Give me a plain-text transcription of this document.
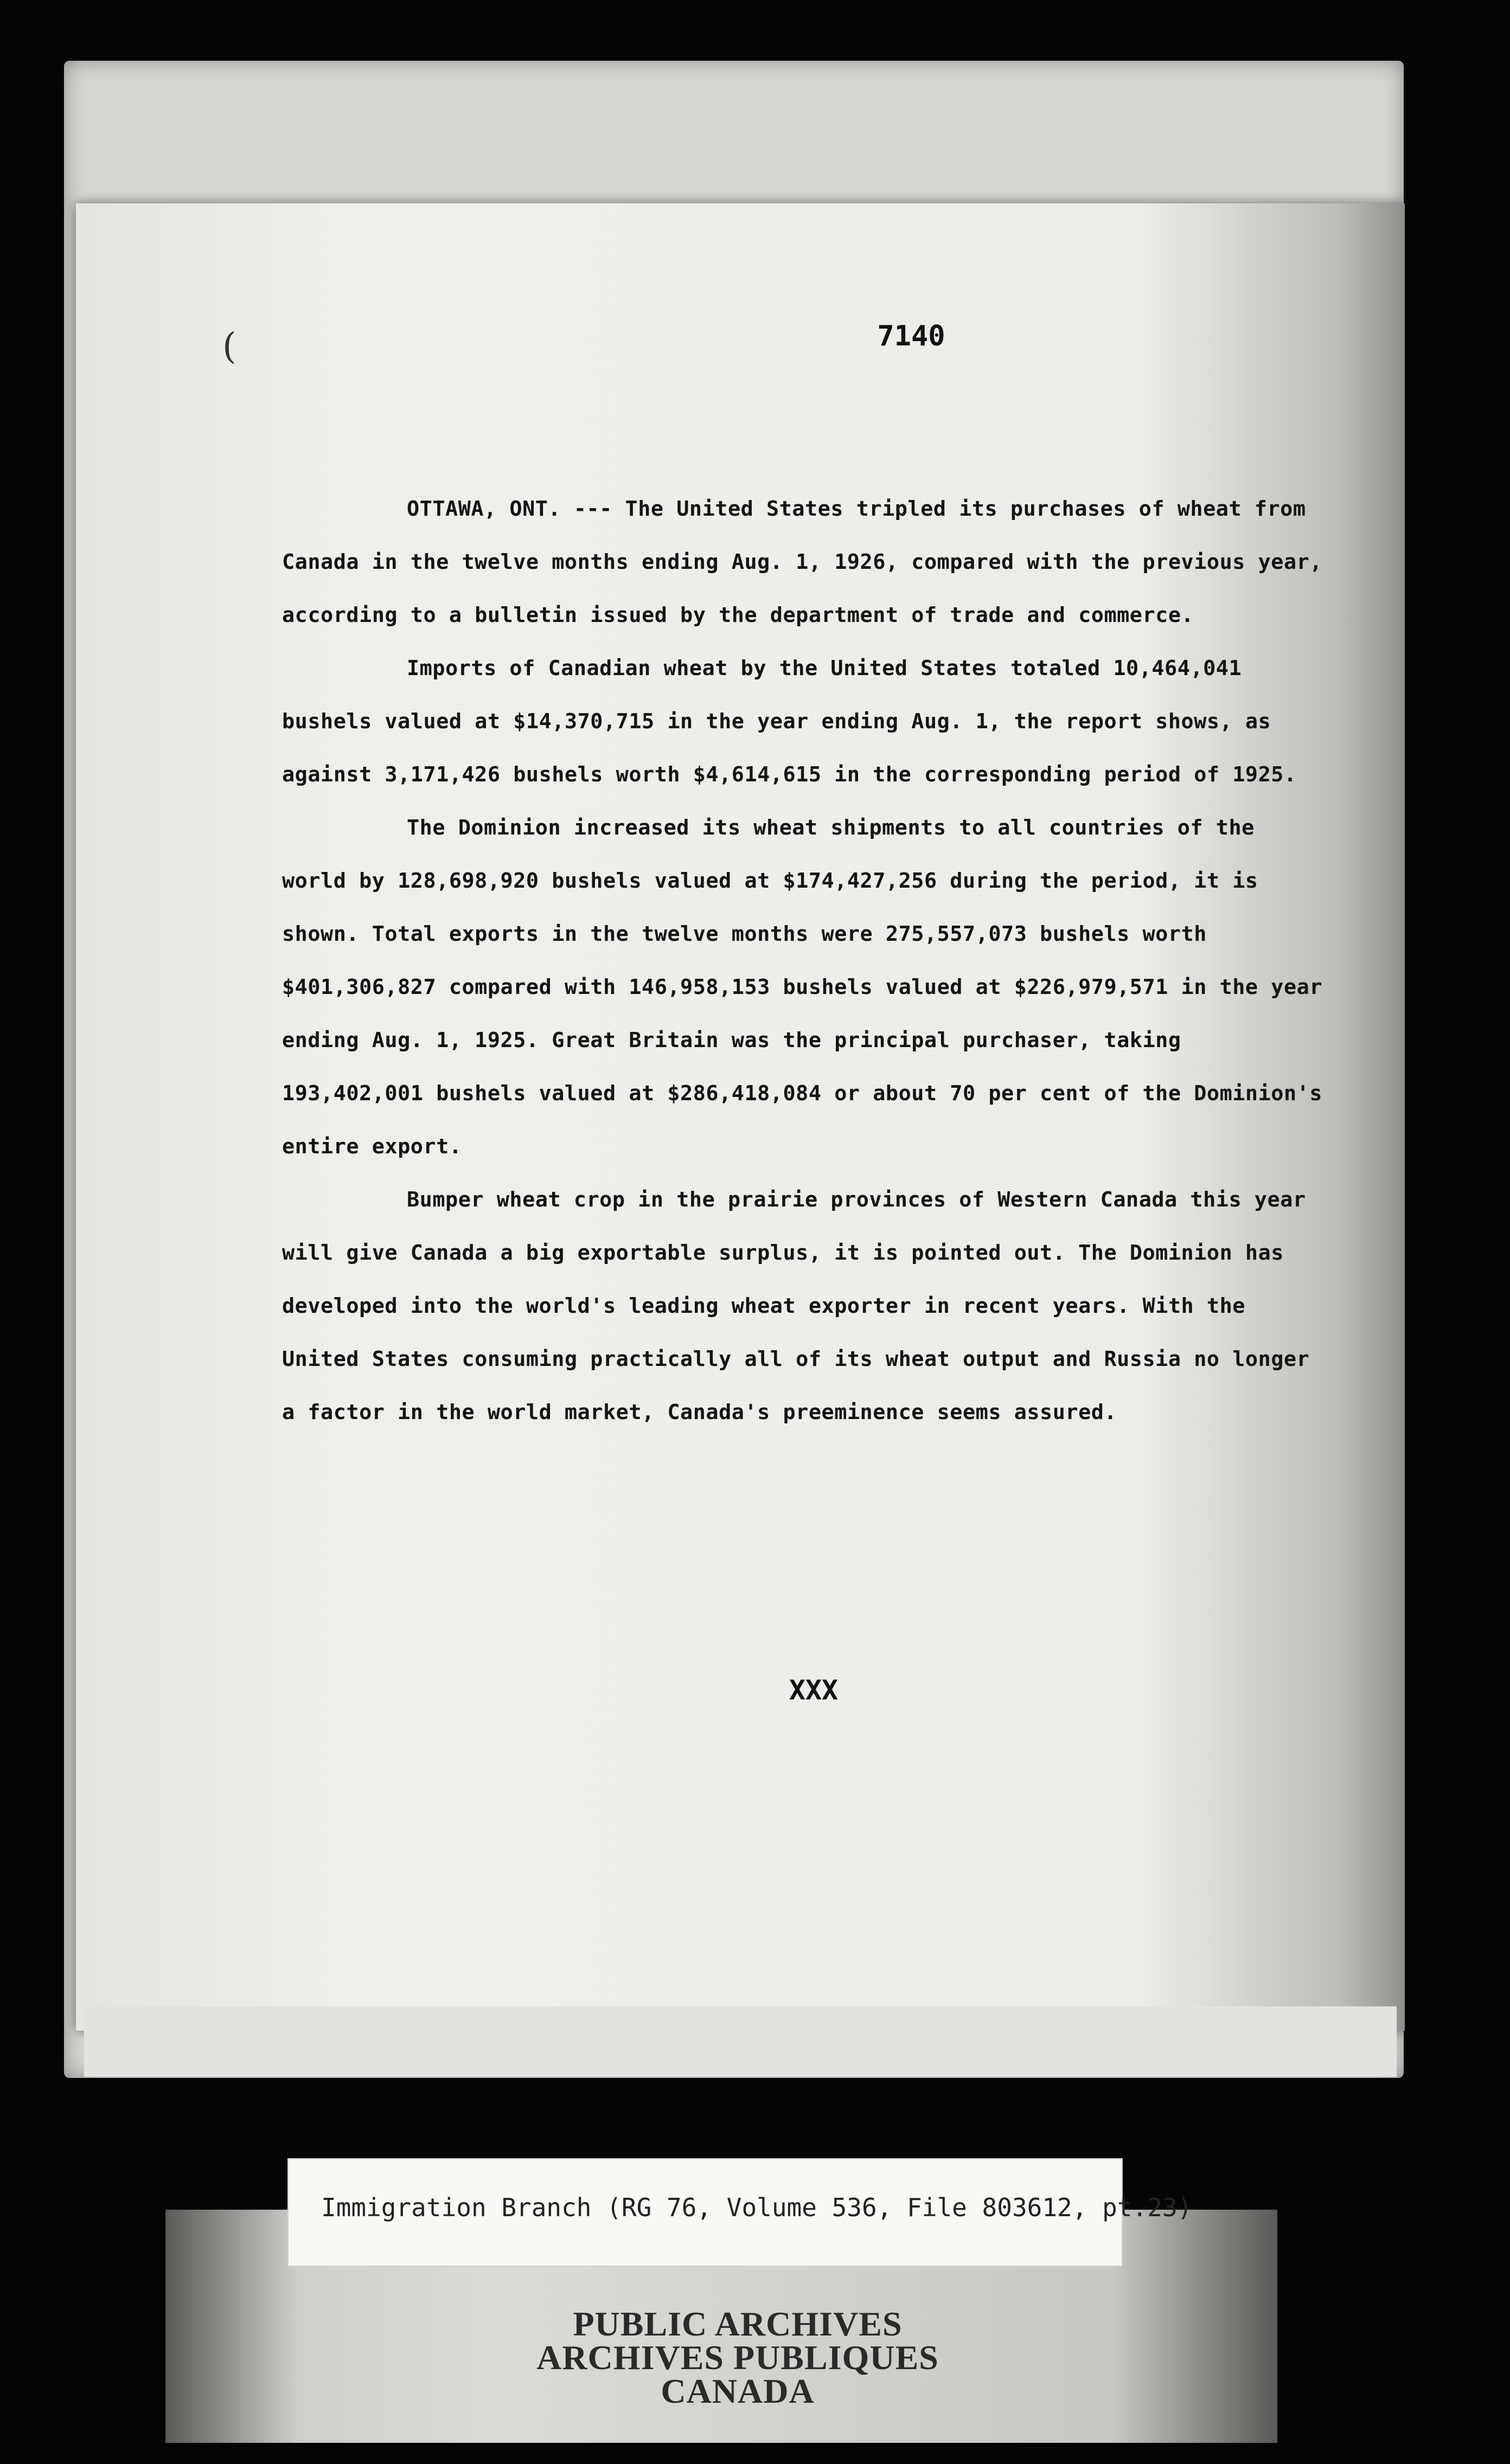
7140
(

OTTAWA, ONT. --- The United States tripled its purchases of wheat from Canada in the twelve months ending Aug. 1, 1926, compared with the previous year, according to a bulletin issued by the department of trade and commerce.

Imports of Canadian wheat by the United States totaled 10,464,041 bushels valued at $14,370,715 in the year ending Aug. 1, the report shows, as against 3,171,426 bushels worth $4,614,615 in the corresponding period of 1925.

The Dominion increased its wheat shipments to all countries of the world by 128,698,920 bushels valued at $174,427,256 during the period, it is shown. Total exports in the twelve months were 275,557,073 bushels worth $401,306,827 compared with 146,958,153 bushels valued at $226,979,571 in the year ending Aug. 1, 1925. Great Britain was the principal purchaser, taking 193,402,001 bushels valued at $286,418,084 or about 70 per cent of the Dominion's entire export.

Bumper wheat crop in the prairie provinces of Western Canada this year will give Canada a big exportable surplus, it is pointed out. The Dominion has developed into the world's leading wheat exporter in recent years. With the United States consuming practically all of its wheat output and Russia no longer a factor in the world market, Canada's preeminence seems assured.

XXX
Immigration Branch (RG 76, Volume 536, File 803612, pt.23)
PUBLIC ARCHIVES
ARCHIVES PUBLIQUES
CANADA
